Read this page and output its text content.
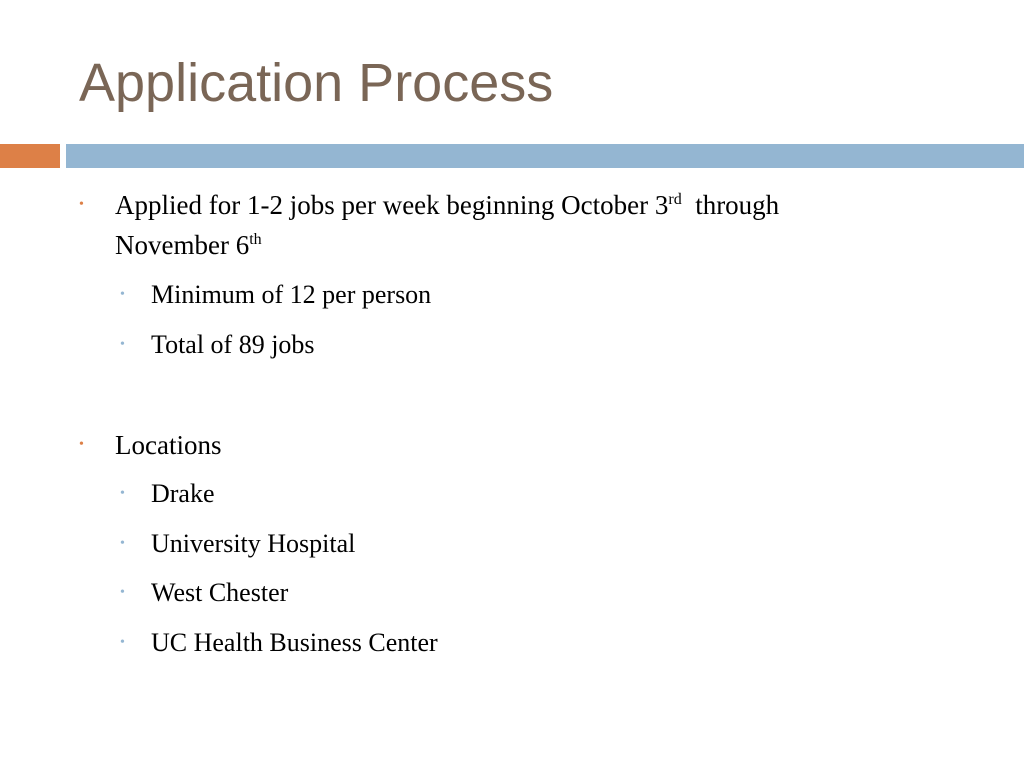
Application Process
• Applied for 1-2 jobs per week beginning October 3rd  through
November 6th
• Minimum of 12 per person
• Total of 89 jobs
• Locations
• Drake
• University Hospital
• West Chester
• UC Health Business Center
